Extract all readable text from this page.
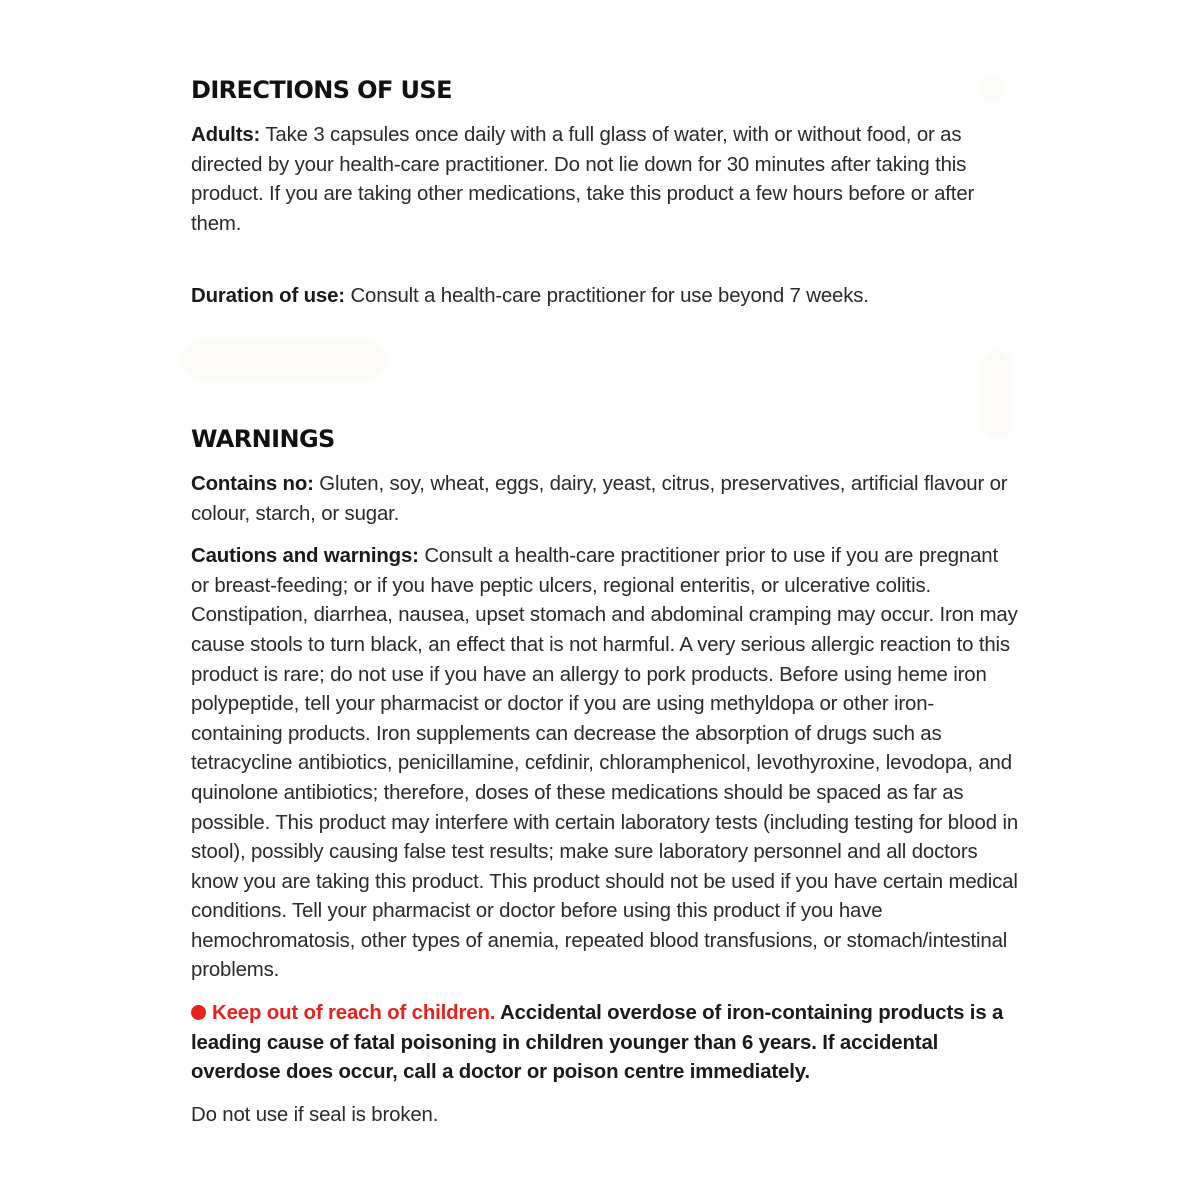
DIRECTIONS OF USE

Adults: Take 3 capsules once daily with a full glass of water, with or without food, or as directed by your health-care practitioner. Do not lie down for 30 minutes after taking this product. If you are taking other medications, take this product a few hours before or after them.

Duration of use: Consult a health-care practitioner for use beyond 7 weeks.

WARNINGS

Contains no: Gluten, soy, wheat, eggs, dairy, yeast, citrus, preservatives, artificial flavour or colour, starch, or sugar.

Cautions and warnings: Consult a health-care practitioner prior to use if you are pregnant or breast-feeding; or if you have peptic ulcers, regional enteritis, or ulcerative colitis. Constipation, diarrhea, nausea, upset stomach and abdominal cramping may occur. Iron may cause stools to turn black, an effect that is not harmful. A very serious allergic reaction to this product is rare; do not use if you have an allergy to pork products. Before using heme iron polypeptide, tell your pharmacist or doctor if you are using methyldopa or other iron-containing products. Iron supplements can decrease the absorption of drugs such as tetracycline antibiotics, penicillamine, cefdinir, chloramphenicol, levothyroxine, levodopa, and quinolone antibiotics; therefore, doses of these medications should be spaced as far as possible. This product may interfere with certain laboratory tests (including testing for blood in stool), possibly causing false test results; make sure laboratory personnel and all doctors know you are taking this product. This product should not be used if you have certain medical conditions. Tell your pharmacist or doctor before using this product if you have hemochromatosis, other types of anemia, repeated blood transfusions, or stomach/intestinal problems.

Keep out of reach of children. Accidental overdose of iron-containing products is a leading cause of fatal poisoning in children younger than 6 years. If accidental overdose does occur, call a doctor or poison centre immediately.

Do not use if seal is broken.
